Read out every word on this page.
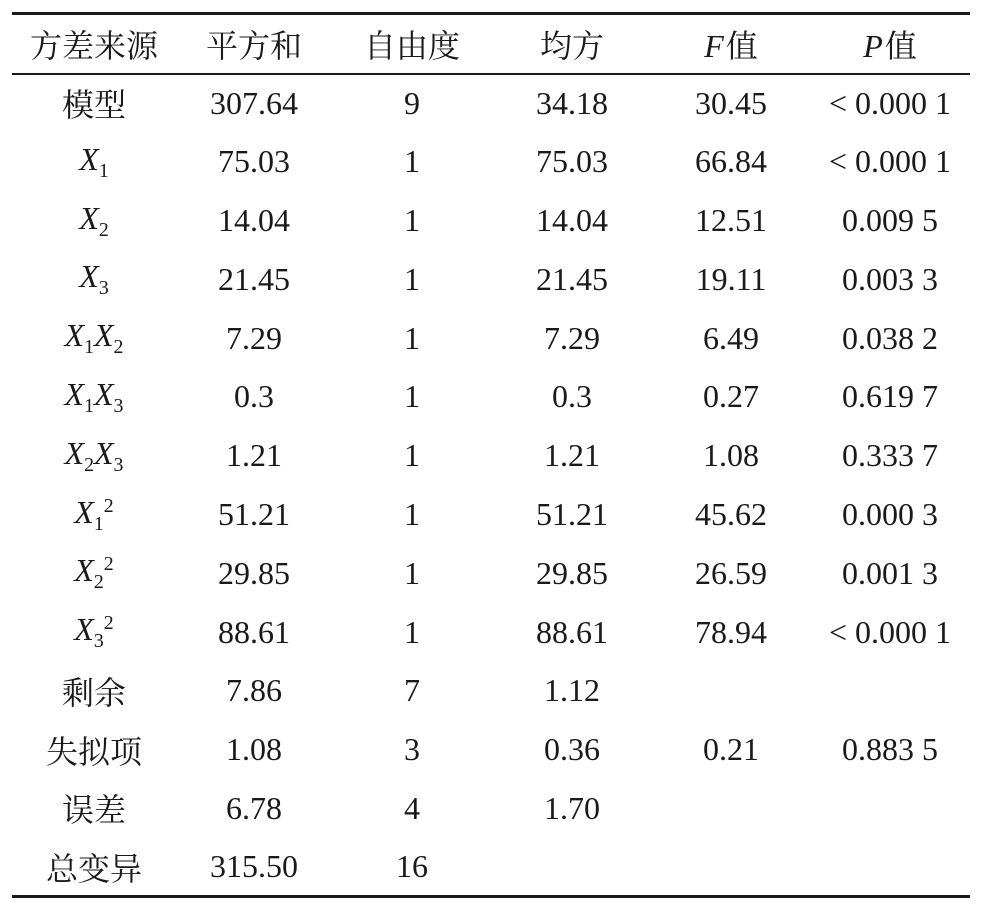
方差来源	平方和	自由度	均方	F值	P值
模型	307.64	9	34.18	30.45	< 0.000 1
$X_1$	75.03	1	75.03	66.84	< 0.000 1
$X_2$	14.04	1	14.04	12.51	0.009 5
$X_3$	21.45	1	21.45	19.11	0.003 3
$X_1X_2$	7.29	1	7.29	6.49	0.038 2
$X_1X_3$	0.3	1	0.3	0.27	0.619 7
$X_2X_3$	1.21	1	1.21	1.08	0.333 7
$X_1^2$	51.21	1	51.21	45.62	0.000 3
$X_2^2$	29.85	1	29.85	26.59	0.001 3
$X_3^2$	88.61	1	88.61	78.94	< 0.000 1
剩余	7.86	7	1.12		
失拟项	1.08	3	0.36	0.21	0.883 5
误差	6.78	4	1.70		
总变异	315.50	16			
